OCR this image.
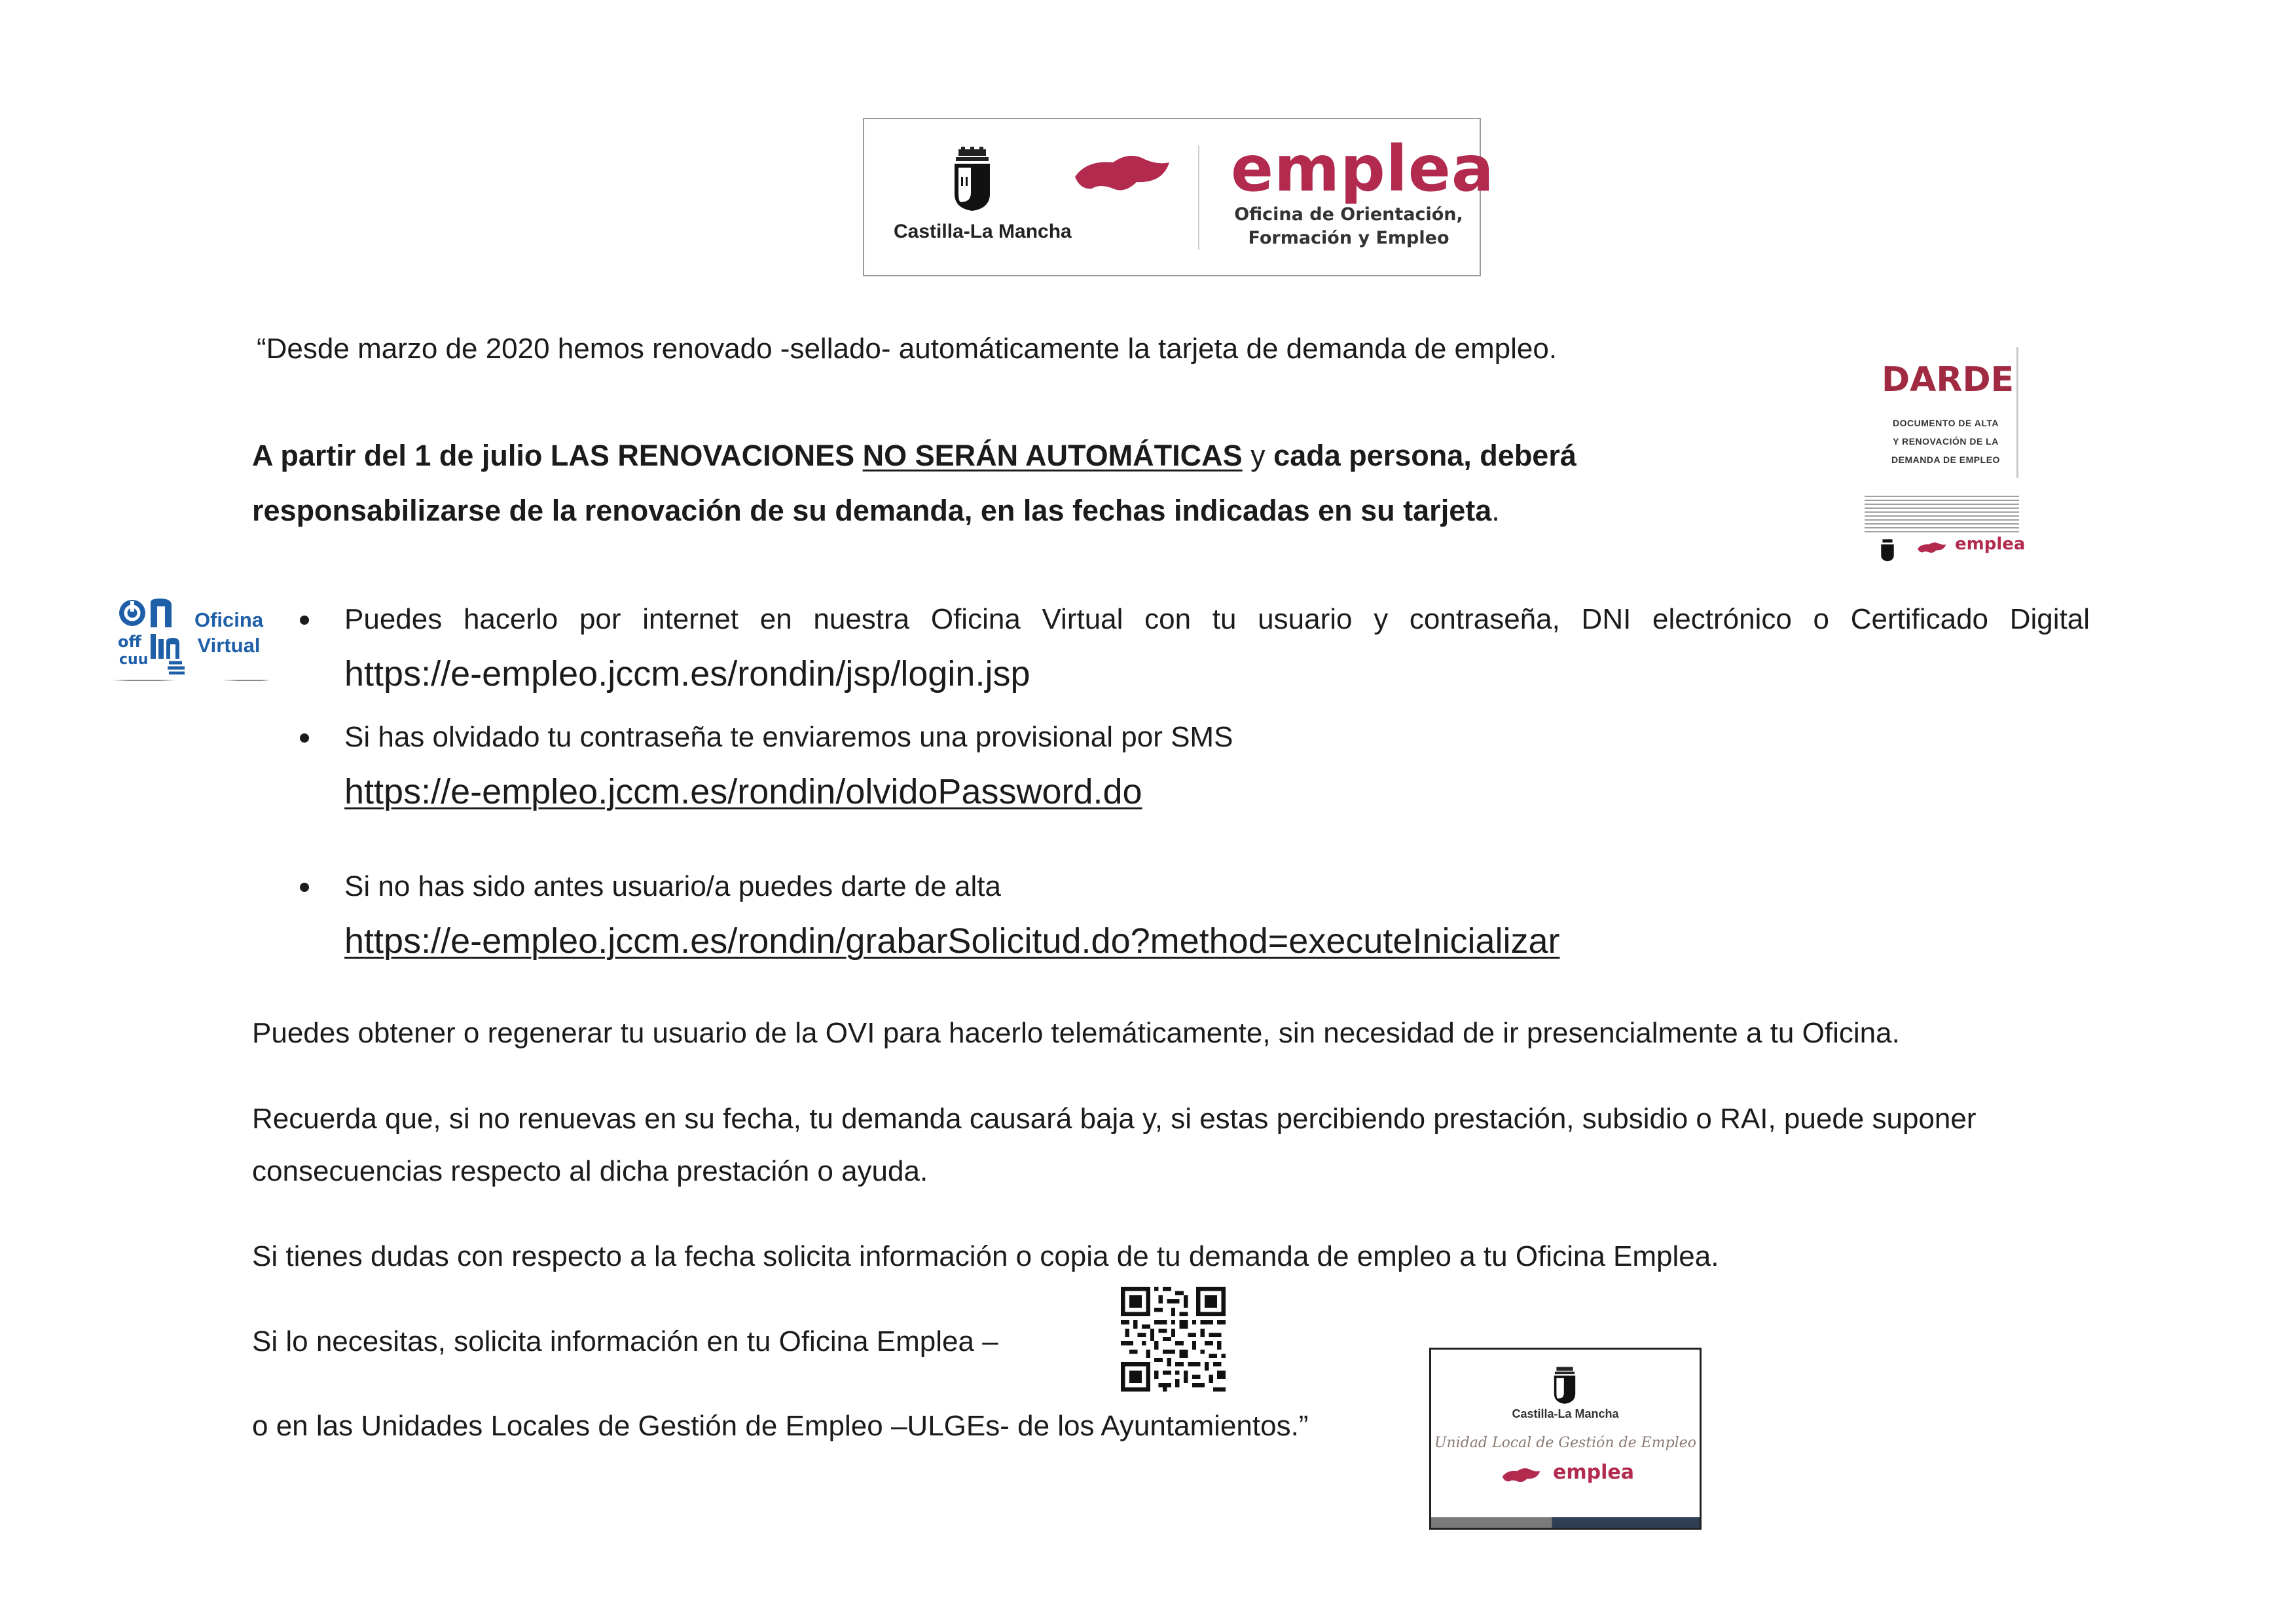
Castilla-La Mancha
emplea
Oficina de Orientación,
Formación y Empleo
“Desde marzo de 2020 hemos renovado -sellado- automáticamente la tarjeta de demanda de empleo.
A partir del 1 de julio LAS RENOVACIONES NO SERÁN AUTOMÁTICAS y cada persona, deberá
responsabilizarse de la renovación de su demanda, en las fechas indicadas en su tarjeta.
DARDE
DOCUMENTO DE ALTA
Y RENOVACIÓN DE LA
DEMANDA DE EMPLEO
emplea
off
cuu
Oficina
Virtual
Puedes hacerlo por internet en nuestra Oficina Virtual con tu usuario y contraseña, DNI electrónico o Certificado Digital
https://e-empleo.jccm.es/rondin/jsp/login.jsp
Si has olvidado tu contraseña te enviaremos una provisional por SMS
https://e-empleo.jccm.es/rondin/olvidoPassword.do
Si no has sido antes usuario/a puedes darte de alta
https://e-empleo.jccm.es/rondin/grabarSolicitud.do?method=executeInicializar
Puedes obtener o regenerar tu usuario de la OVI para hacerlo telemáticamente, sin necesidad de ir presencialmente a tu Oficina.
Recuerda que, si no renuevas en su fecha, tu demanda causará baja y, si estas percibiendo prestación, subsidio o RAI, puede suponer
consecuencias respecto al dicha prestación o ayuda.
Si tienes dudas con respecto a la fecha solicita información o copia de tu demanda de empleo a tu Oficina Emplea.
Si lo necesitas, solicita información en tu Oficina Emplea –
o en las Unidades Locales de Gestión de Empleo –ULGEs- de los Ayuntamientos.”	Castilla-La Mancha
Unidad Local de Gestión de Empleo
emplea
